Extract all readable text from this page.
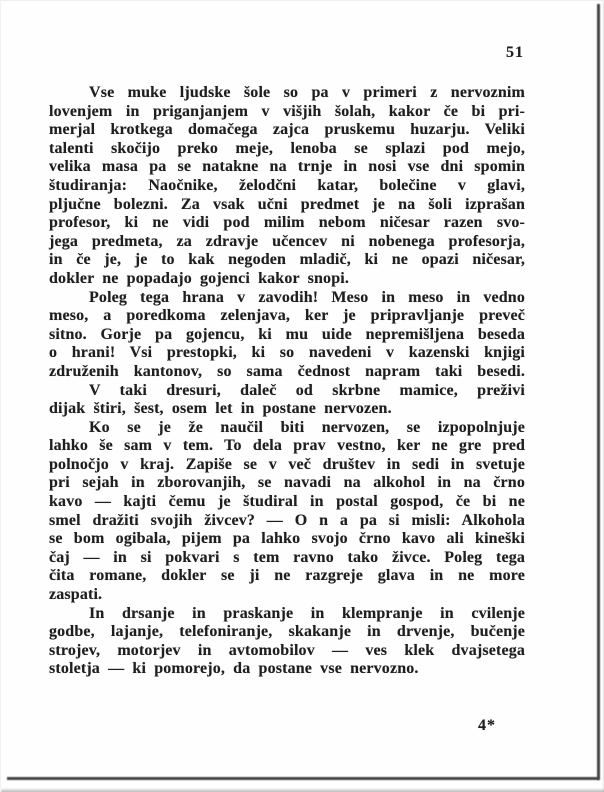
51
Vse muke ljudske šole so pa v primeri z nervoznim
lovenjem in priganjanjem v višjih šolah, kakor če bi pri-
merjal krotkega domačega zajca pruskemu huzarju. Veliki
talenti skočijo preko meje, lenoba se splazi pod mejo,
velika masa pa se natakne na trnje in nosi vse dni spomin
študiranja: Naočnike, želodčni katar, bolečine v glavi,
pljučne bolezni. Za vsak učni predmet je na šoli izprašan
profesor, ki ne vidi pod milim nebom ničesar razen svo-
jega predmeta, za zdravje učencev ni nobenega profesorja,
in če je, je to kak negoden mladič, ki ne opazi ničesar,
dokler ne popadajo gojenci kakor snopi.
Poleg tega hrana v zavodih! Meso in meso in vedno
meso, a poredkoma zelenjava, ker je pripravljanje preveč
sitno. Gorje pa gojencu, ki mu uide nepremišljena beseda
o hrani! Vsi prestopki, ki so navedeni v kazenski knjigi
združenih kantonov, so sama čednost napram taki besedi.
V taki dresuri, daleč od skrbne mamice, preživi
dijak štiri, šest, osem let in postane nervozen.
Ko se je že naučil biti nervozen, se izpopolnjuje
lahko še sam v tem. To dela prav vestno, ker ne gre pred
polnočjo v kraj. Zapiše se v več društev in sedi in svetuje
pri sejah in zborovanjih, se navadi na alkohol in na črno
kavo — kajti čemu je študiral in postal gospod, če bi ne
smel dražiti svojih živcev? — O n a pa si misli: Alkohola
se bom ogibala, pijem pa lahko svojo črno kavo ali kineški
čaj — in si pokvari s tem ravno tako živce. Poleg tega
čita romane, dokler se ji ne razgreje glava in ne more
zaspati.
In drsanje in praskanje in klempranje in cvilenje
godbe, lajanje, telefoniranje, skakanje in drvenje, bučenje
strojev, motorjev in avtomobilov — ves klek dvajsetega
stoletja — ki pomorejo, da postane vse nervozno.
4*
